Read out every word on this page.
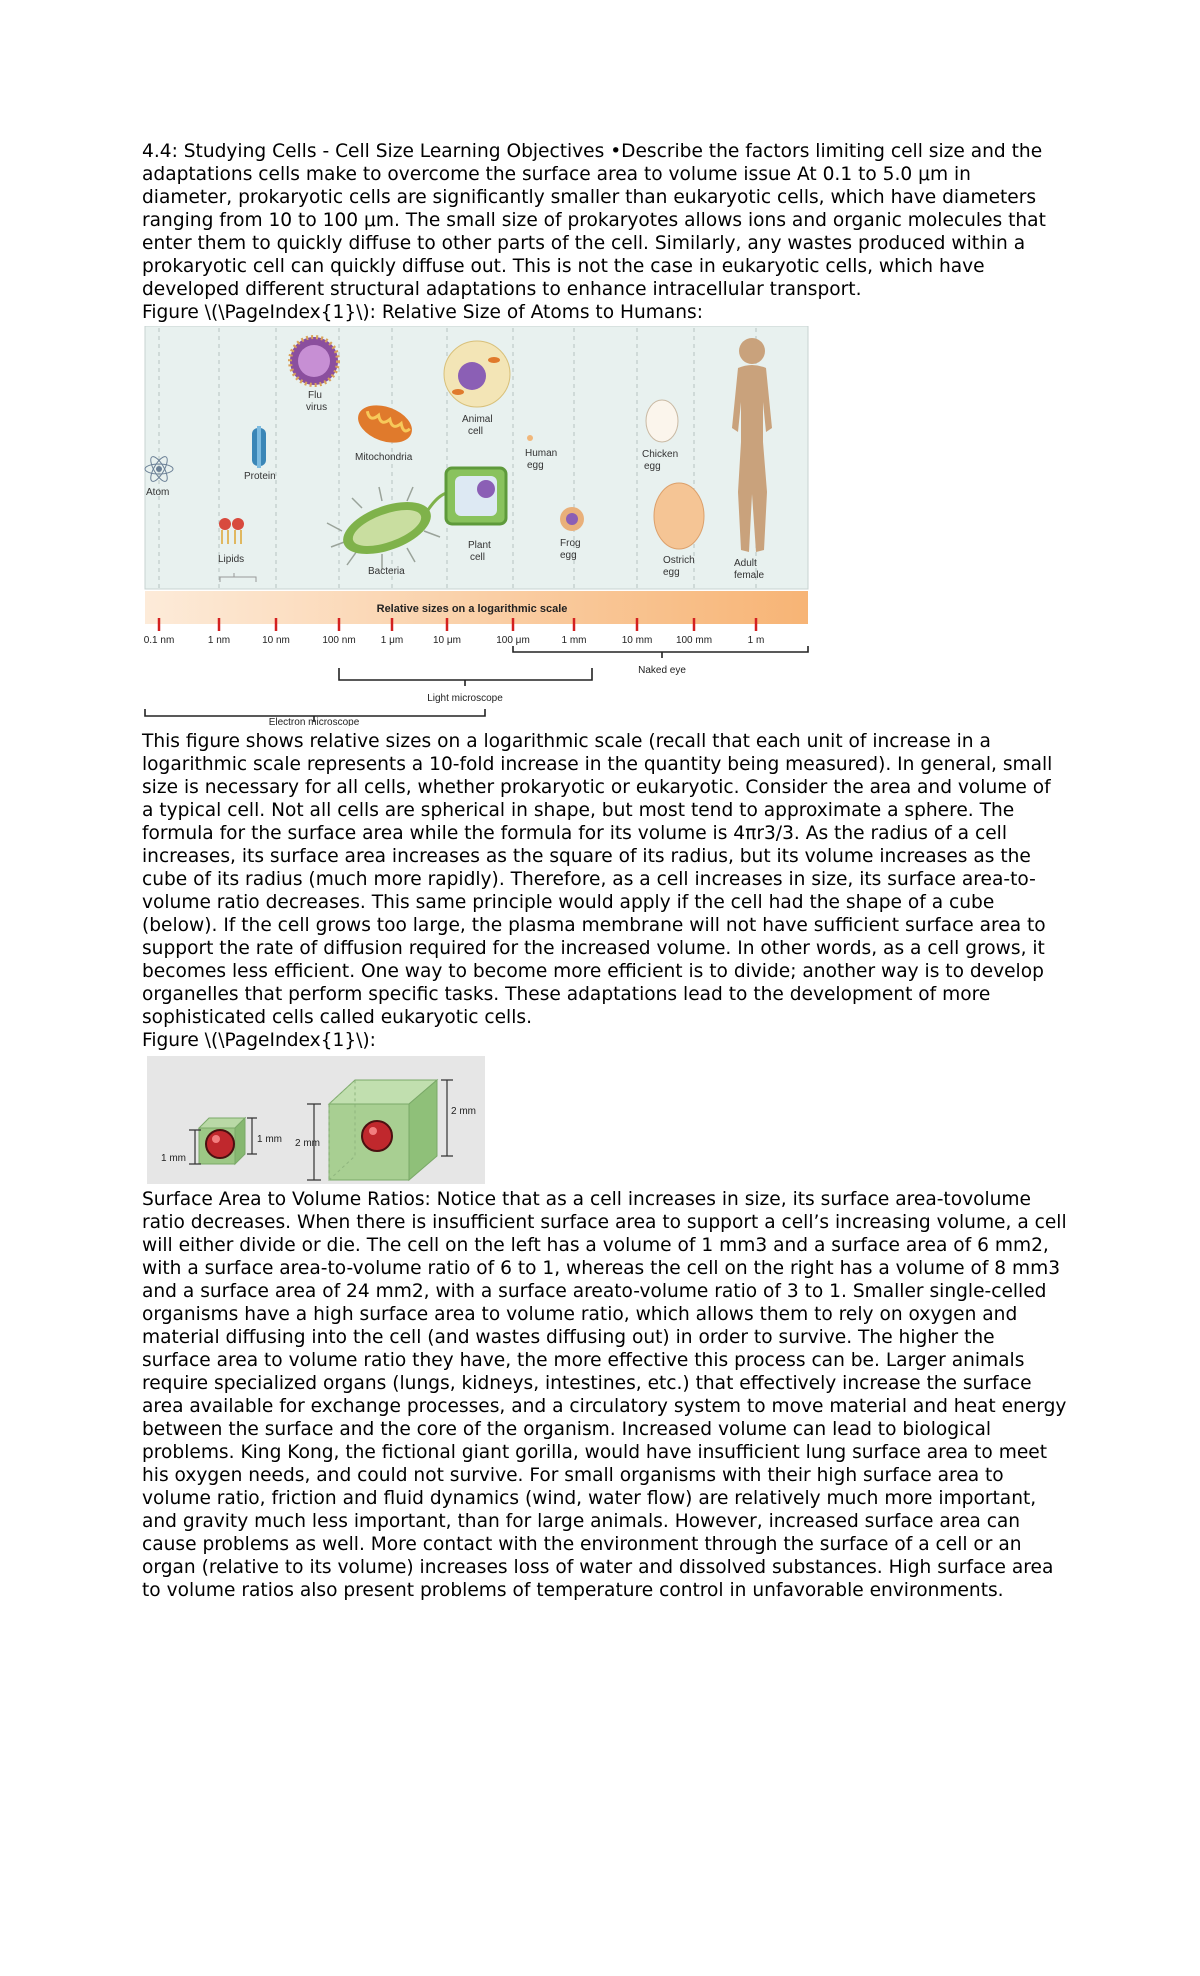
4.4: Studying Cells - Cell Size Learning Objectives •Describe the factors limiting cell size and the adaptations cells make to overcome the surface area to volume issue At 0.1 to 5.0 μm in diameter, prokaryotic cells are significantly smaller than eukaryotic cells, which have diameters ranging from 10 to 100 μm. The small size of prokaryotes allows ions and organic molecules that enter them to quickly diffuse to other parts of the cell. Similarly, any wastes produced within a prokaryotic cell can quickly diffuse out. This is not the case in eukaryotic cells, which have developed different structural adaptations to enhance intracellular transport.

Figure \(\PageIndex{1}\): Relative Size of Atoms to Humans:

Atom
Lipids
Protein
Flu
virus
Mitochondria
Bacteria
Animal
cell
Plant
cell
Human
egg
Frog
egg
Chicken
egg
Ostrich
egg
Adult
female
Relative sizes on a logarithmic scale
0.1 nm	1 nm	10 nm	100 nm	1 μm	10 μm	100 μm	1 mm	10 mm 100 mm	1 m
Naked eye
Light microscope
Electron microscope

This figure shows relative sizes on a logarithmic scale (recall that each unit of increase in a logarithmic scale represents a 10-fold increase in the quantity being measured). In general, small size is necessary for all cells, whether prokaryotic or eukaryotic. Consider the area and volume of a typical cell. Not all cells are spherical in shape, but most tend to approximate a sphere. The formula for the surface area while the formula for its volume is 4πr3/3. As the radius of a cell increases, its surface area increases as the square of its radius, but its volume increases as the cube of its radius (much more rapidly). Therefore, as a cell increases in size, its surface area-to-volume ratio decreases. This same principle would apply if the cell had the shape of a cube (below). If the cell grows too large, the plasma membrane will not have sufficient surface area to support the rate of diffusion required for the increased volume. In other words, as a cell grows, it becomes less efficient. One way to become more efficient is to divide; another way is to develop organelles that perform specific tasks. These adaptations lead to the development of more sophisticated cells called eukaryotic cells.

Figure \(\PageIndex{1}\):

1 mm
1 mm 2 mm
2 mm

Surface Area to Volume Ratios: Notice that as a cell increases in size, its surface area-tovolume ratio decreases. When there is insufficient surface area to support a cell’s increasing volume, a cell will either divide or die. The cell on the left has a volume of 1 mm3 and a surface area of 6 mm2, with a surface area-to-volume ratio of 6 to 1, whereas the cell on the right has a volume of 8 mm3 and a surface area of 24 mm2, with a surface areato-volume ratio of 3 to 1. Smaller single-celled organisms have a high surface area to volume ratio, which allows them to rely on oxygen and material diffusing into the cell (and wastes diffusing out) in order to survive. The higher the surface area to volume ratio they have, the more effective this process can be. Larger animals require specialized organs (lungs, kidneys, intestines, etc.) that effectively increase the surface area available for exchange processes, and a circulatory system to move material and heat energy between the surface and the core of the organism. Increased volume can lead to biological problems. King Kong, the fictional giant gorilla, would have insufficient lung surface area to meet his oxygen needs, and could not survive. For small organisms with their high surface area to volume ratio, friction and fluid dynamics (wind, water flow) are relatively much more important, and gravity much less important, than for large animals. However, increased surface area can cause problems as well. More contact with the environment through the surface of a cell or an organ (relative to its volume) increases loss of water and dissolved substances. High surface area to volume ratios also present problems of temperature control in unfavorable environments.
